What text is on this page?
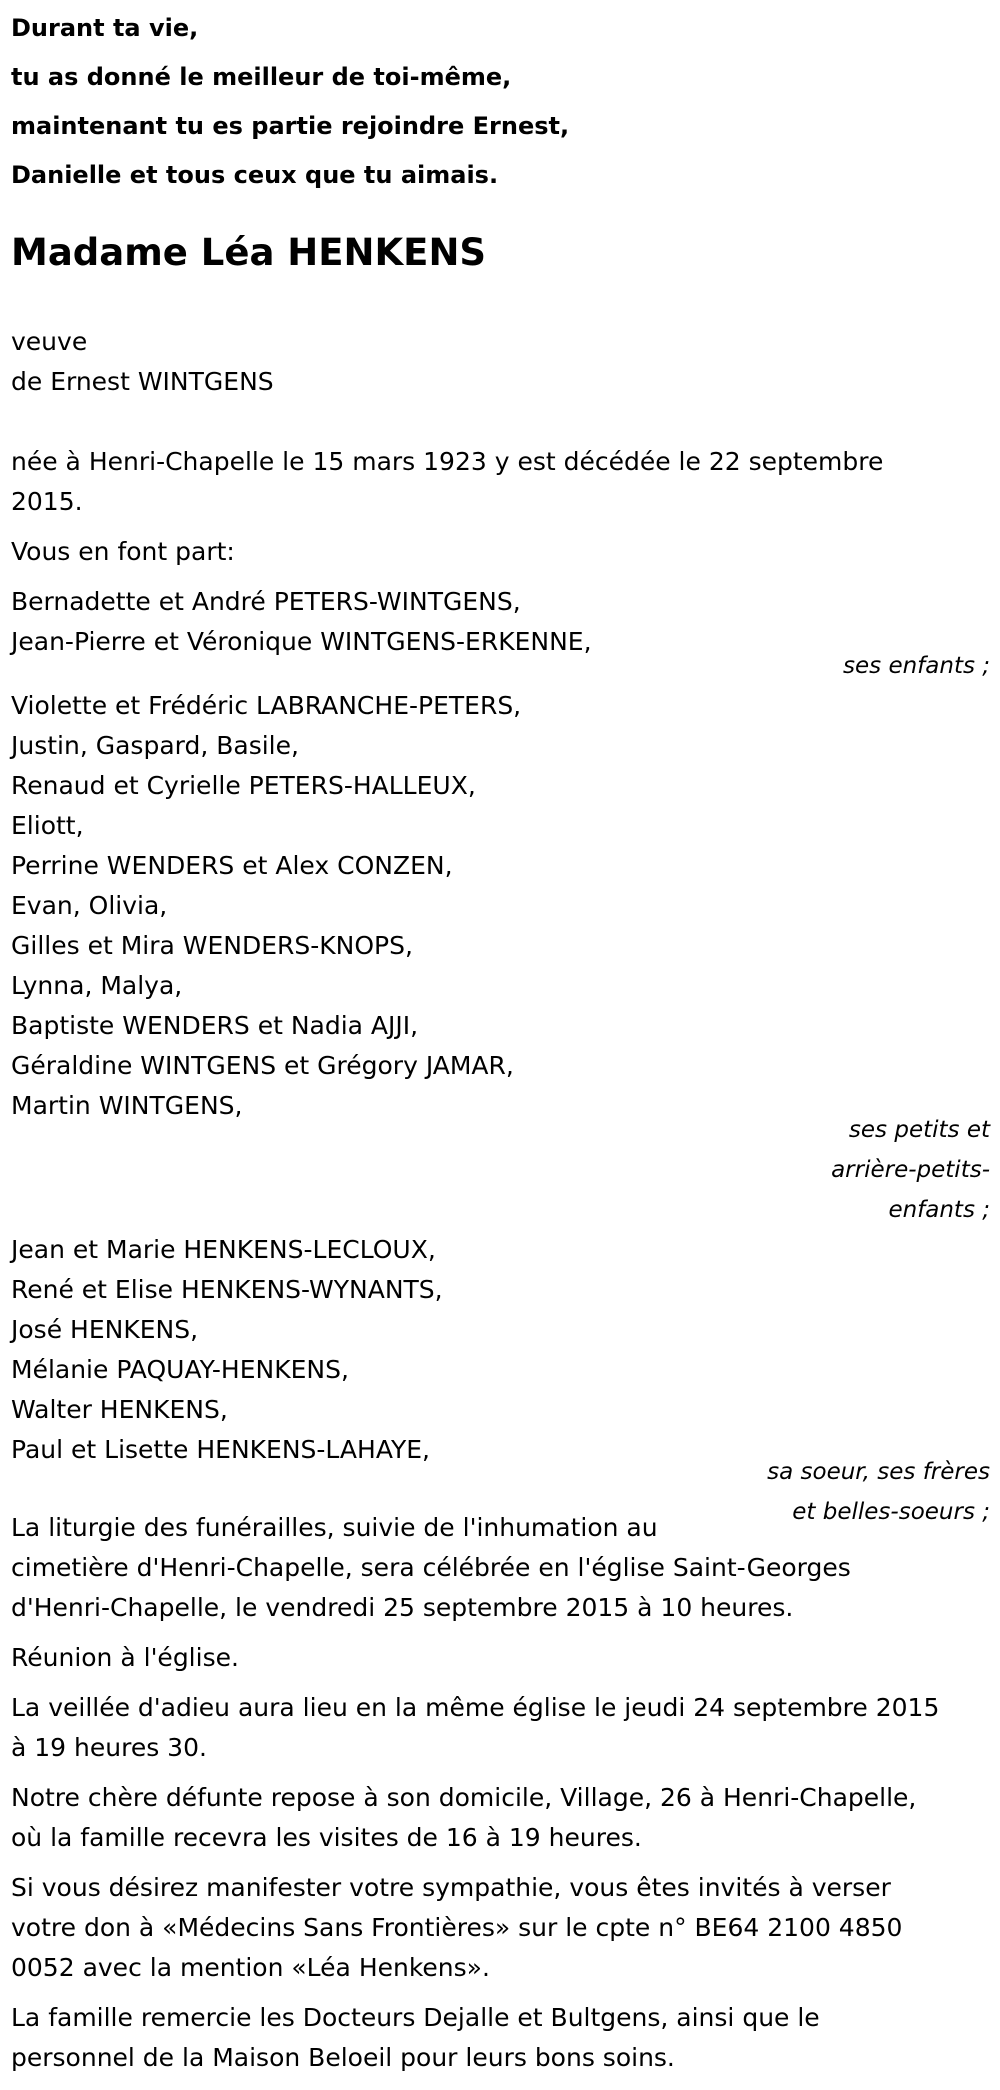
Durant ta vie,
tu as donné le meilleur de toi-même,
maintenant tu es partie rejoindre Ernest,
Danielle et tous ceux que tu aimais.
Madame Léa HENKENS
veuve
de Ernest WINTGENS
née à Henri-Chapelle le 15 mars 1923 y est décédée le 22 septembre
2015.
Vous en font part:
Bernadette et André PETERS-WINTGENS,
Jean-Pierre et Véronique WINTGENS-ERKENNE,
ses enfants ;
Violette et Frédéric LABRANCHE-PETERS,
Justin, Gaspard, Basile,
Renaud et Cyrielle PETERS-HALLEUX,
Eliott,
Perrine WENDERS et Alex CONZEN,
Evan, Olivia,
Gilles et Mira WENDERS-KNOPS,
Lynna, Malya,
Baptiste WENDERS et Nadia AJJI,
Géraldine WINTGENS et Grégory JAMAR,
Martin WINTGENS,
ses petits et
arrière-petits-
enfants ;
Jean et Marie HENKENS-LECLOUX,
René et Elise HENKENS-WYNANTS,
José HENKENS,
Mélanie PAQUAY-HENKENS,
Walter HENKENS,
Paul et Lisette HENKENS-LAHAYE,
sa soeur, ses frères
et belles-soeurs ;
La liturgie des funérailles, suivie de l'inhumation au
cimetière d'Henri-Chapelle, sera célébrée en l'église Saint-Georges
d'Henri-Chapelle, le vendredi 25 septembre 2015 à 10 heures.
Réunion à l'église.
La veillée d'adieu aura lieu en la même église le jeudi 24 septembre 2015
à 19 heures 30.
Notre chère défunte repose à son domicile, Village, 26 à Henri-Chapelle,
où la famille recevra les visites de 16 à 19 heures.
Si vous désirez manifester votre sympathie, vous êtes invités à verser
votre don à «Médecins Sans Frontières» sur le cpte n° BE64 2100 4850
0052 avec la mention «Léa Henkens».
La famille remercie les Docteurs Dejalle et Bultgens, ainsi que le
personnel de la Maison Beloeil pour leurs bons soins.
